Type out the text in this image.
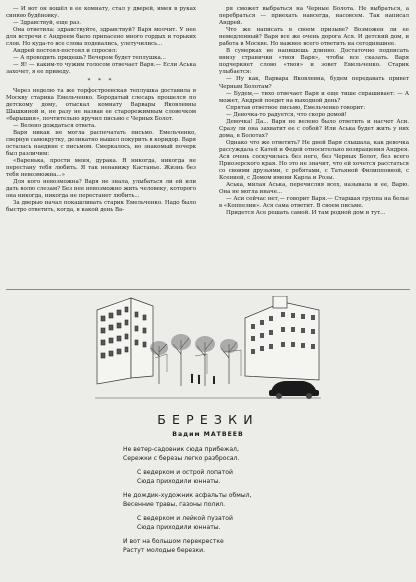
— И вот он вошёл в ее комнату, стал у дверей, имея в руках синюю будёновку.

— Здравствуй, еще раз.

Она ответила: здравствуйте, здравствуй? Варя молчит. У нее для встречи с Андреем было припасено много гордых и горьких слов. Но куда-то все слова подевались, улетучились...

Андрей постоял-постоял и спросил:

— А проводить придешь? Вечером будет теплушка...

— Я! — каким-то чужим голосом отвечает Варя.— Если Аська захочет, я ее приведу.

* * *

Через неделю та же торфостроевская теплушка доставила в Москву старика Емельченко. Бородатый слесарь прошелся по детскому дому, отыскал комнату Варвары Яковлевны Шашкиной и, не разу не назвав ее старорежимным словечком «барышня», почтительно вручил письмо с Черных Болот.

— Велено дождаться ответа.

Варя никак не могла распечатать письмо. Емельченко, свернув самокрутку, деликатно вышел покурить в коридор. Варя осталась наедине с письмом. Смеркалось, но знакомый почерк был различим:

«Варенька, прости меня, дурака. Я никогда, никогда не перестану тебя любить. Я так ненавижу Кастанье. Жизнь без тебя невозможна...»

Для кого невозможна? Варя не знала, улыбаться ли ей или дать волю слезам? Без нее невозможно жить человеку, которого она никогда, никогда не перестанет любить...

За дверью начал покашливать старик Емельченко. Надо было быстро ответить, когда, в какой день Ва-

ря сможет выбраться на Черные Болота. Не выбраться, а перебраться — приехать навсегда, насовсем. Так написал Андрей.

Что же написать в своем призыве? Возможен ли ее немедленный? Варя все же очень дорога Ася. И детский дом, и работа в Москве. Но важнее всего ответить на сегодняшнее.

В сумерках не напишешь длинно. Достаточно подписать внизу странички «твоя Варя», чтобы все сказать. Варя подчеркнет слово «твоя» и зовет Емельченко. Старик улыбается:

— Ну как, Варвара Яковлевна, будем передавать привет Черным Болотам?

— Будем,— тихо отвечает Варя и еще тише спрашивает: — А может, Андрей поедет на выходной день?

Спрятав ответное письмо, Емельченко говорит:

— Девочка-то радуется, что скоро домой!

Девочка! Да... Варя не велено было ответить и насчет Аси. Сразу ли она захватит ее с собой? Или Аська будет жить у них дома, в Болотах?

Однако что же ответить? Не дней Варя слышала, как девочка рассуждала с Катей и Федей относительно возвращения Андрея. Ася очень соскучилась без него, без Черных Болот, без всего Приозерского края. Но это не значит, что ей хочется расстаться со своими друзьями, с ребятами, с Татьяной Филипповной, с Ксенией, с Домом имени Карла и Розы.

Аська, милая Аська, перечисляя всех, называла и ее, Варю. Она не могла иначе...

— Аси сейчас нет,— говорит Варя.— Старшая группа на белье в «Коппелии». Ася сама ответит. В своем письме.

Придется Асе решать самой. И там родной дом и тут...

БЕРЕЗКИ
Вадим МАТВЕЕВ
Не ветер-садовник сюда прибежал,
Сережки с березы легко разбросал.
С ведерком и острой лопатой
Сюда приходили юннаты.
Не дождик-художник асфальты обмыл,
Весенние травы, газоны полил.
С ведерком и лейкой пузатой
Сюда приходили юннаты.
И вот на большом перекрестке
Растут молодые березки.
